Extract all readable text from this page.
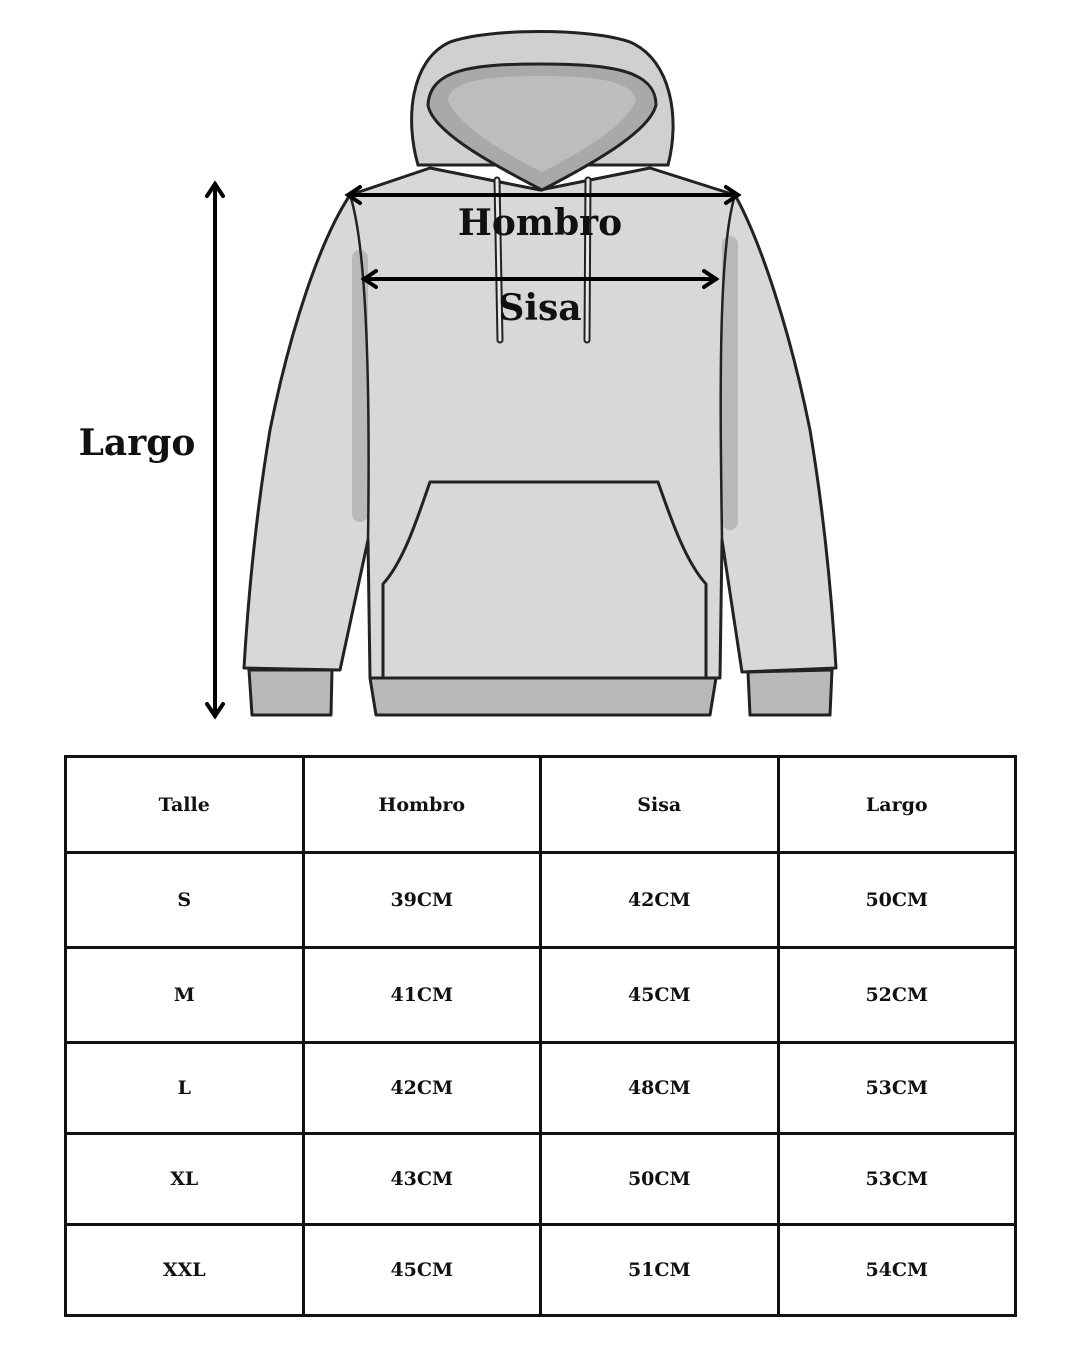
Hombro
Sisa
Largo
Talle	Hombro	Sisa	Largo
S	39CM	42CM	50CM
M	41CM	45CM	52CM
L	42CM	48CM	53CM
XL	43CM	50CM	53CM
XXL	45CM	51CM	54CM
